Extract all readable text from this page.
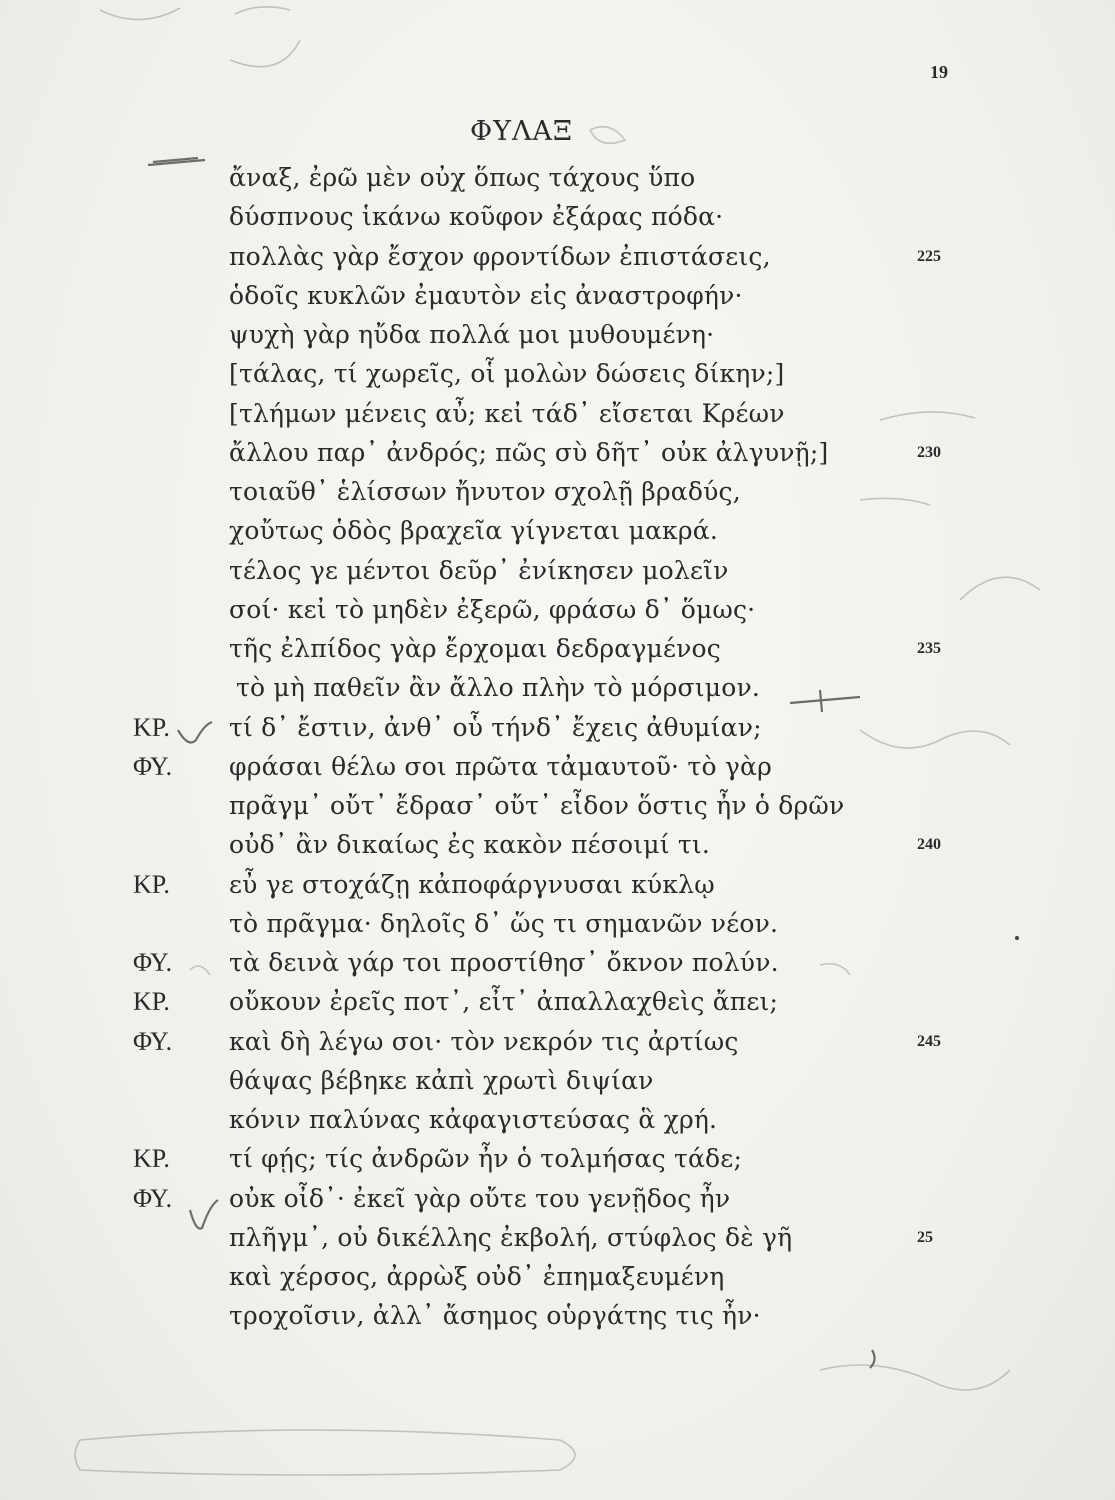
19
ΦΥΛΑΞ
ἄναξ, ἐρῶ μὲν οὐχ ὅπως τάχους ὕπο
δύσπνους ἱκάνω κοῦφον ἐξάρας πόδα·
πολλὰς γὰρ ἔσχον φροντίδων ἐπιστάσεις,	225
ὁδοῖς κυκλῶν ἐμαυτὸν εἰς ἀναστροφήν·
ψυχὴ γὰρ ηὔδα πολλά μοι μυθουμένη·
[τάλας, τί χωρεῖς, οἷ μολὼν δώσεις δίκην;]
[τλήμων μένεις αὖ; κεἰ τάδ᾽ εἴσεται Κρέων
ἄλλου παρ᾽ ἀνδρός; πῶς σὺ δῆτ᾽ οὐκ ἀλγυνῇ;]	230
τοιαῦθ᾽ ἑλίσσων ἤνυτον σχολῇ βραδύς,
χοὔτως ὁδὸς βραχεῖα γίγνεται μακρά.
τέλος γε μέντοι δεῦρ᾽ ἐνίκησεν μολεῖν
σοί· κεἰ τὸ μηδὲν ἐξερῶ, φράσω δ᾽ ὅμως·
τῆς ἐλπίδος γὰρ ἔρχομαι δεδραγμένος	235
τὸ μὴ παθεῖν ἂν ἄλλο πλὴν τὸ μόρσιμον.
ΚΡ. τί δ᾽ ἔστιν, ἀνθ᾽ οὗ τήνδ᾽ ἔχεις ἀθυμίαν;
ΦΥ. φράσαι θέλω σοι πρῶτα τἀμαυτοῦ· τὸ γὰρ
πρᾶγμ᾽ οὔτ᾽ ἔδρασ᾽ οὔτ᾽ εἶδον ὅστις ἦν ὁ δρῶν
οὐδ᾽ ἂν δικαίως ἐς κακὸν πέσοιμί τι.	240
ΚΡ. εὖ γε στοχάζῃ κἀποφάργνυσαι κύκλῳ
τὸ πρᾶγμα· δηλοῖς δ᾽ ὥς τι σημανῶν νέον.
ΦΥ. τὰ δεινὰ γάρ τοι προστίθησ᾽ ὄκνον πολύν.
ΚΡ. οὔκουν ἐρεῖς ποτ᾽, εἶτ᾽ ἀπαλλαχθεὶς ἄπει;
ΦΥ. καὶ δὴ λέγω σοι· τὸν νεκρόν τις ἀρτίως	245
θάψας βέβηκε κἀπὶ χρωτὶ διψίαν
κόνιν παλύνας κἀφαγιστεύσας ἃ χρή.
ΚΡ. τί φῄς; τίς ἀνδρῶν ἦν ὁ τολμήσας τάδε;
ΦΥ. οὐκ οἶδ᾽· ἐκεῖ γὰρ οὔτε του γενῇδος ἦν
πλῆγμ᾽, οὐ δικέλλης ἐκβολή, στύφλος δὲ γῆ	25
καὶ χέρσος, ἀρρὼξ οὐδ᾽ ἐπημαξευμένη
τροχοῖσιν, ἀλλ᾽ ἄσημος οὑργάτης τις ἦν·
